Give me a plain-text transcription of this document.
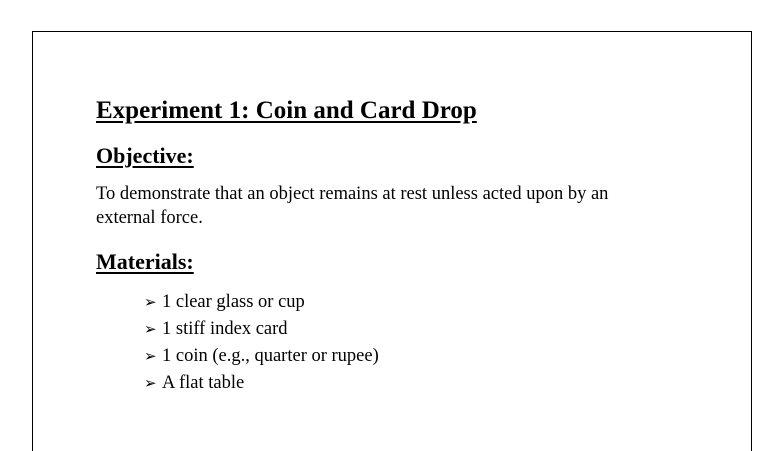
Experiment 1: Coin and Card Drop
Objective:

To demonstrate that an object remains at rest unless acted upon by an external force.

Materials:
➢ 1 clear glass or cup
➢ 1 stiff index card
➢ 1 coin (e.g., quarter or rupee)
➢ A flat table
